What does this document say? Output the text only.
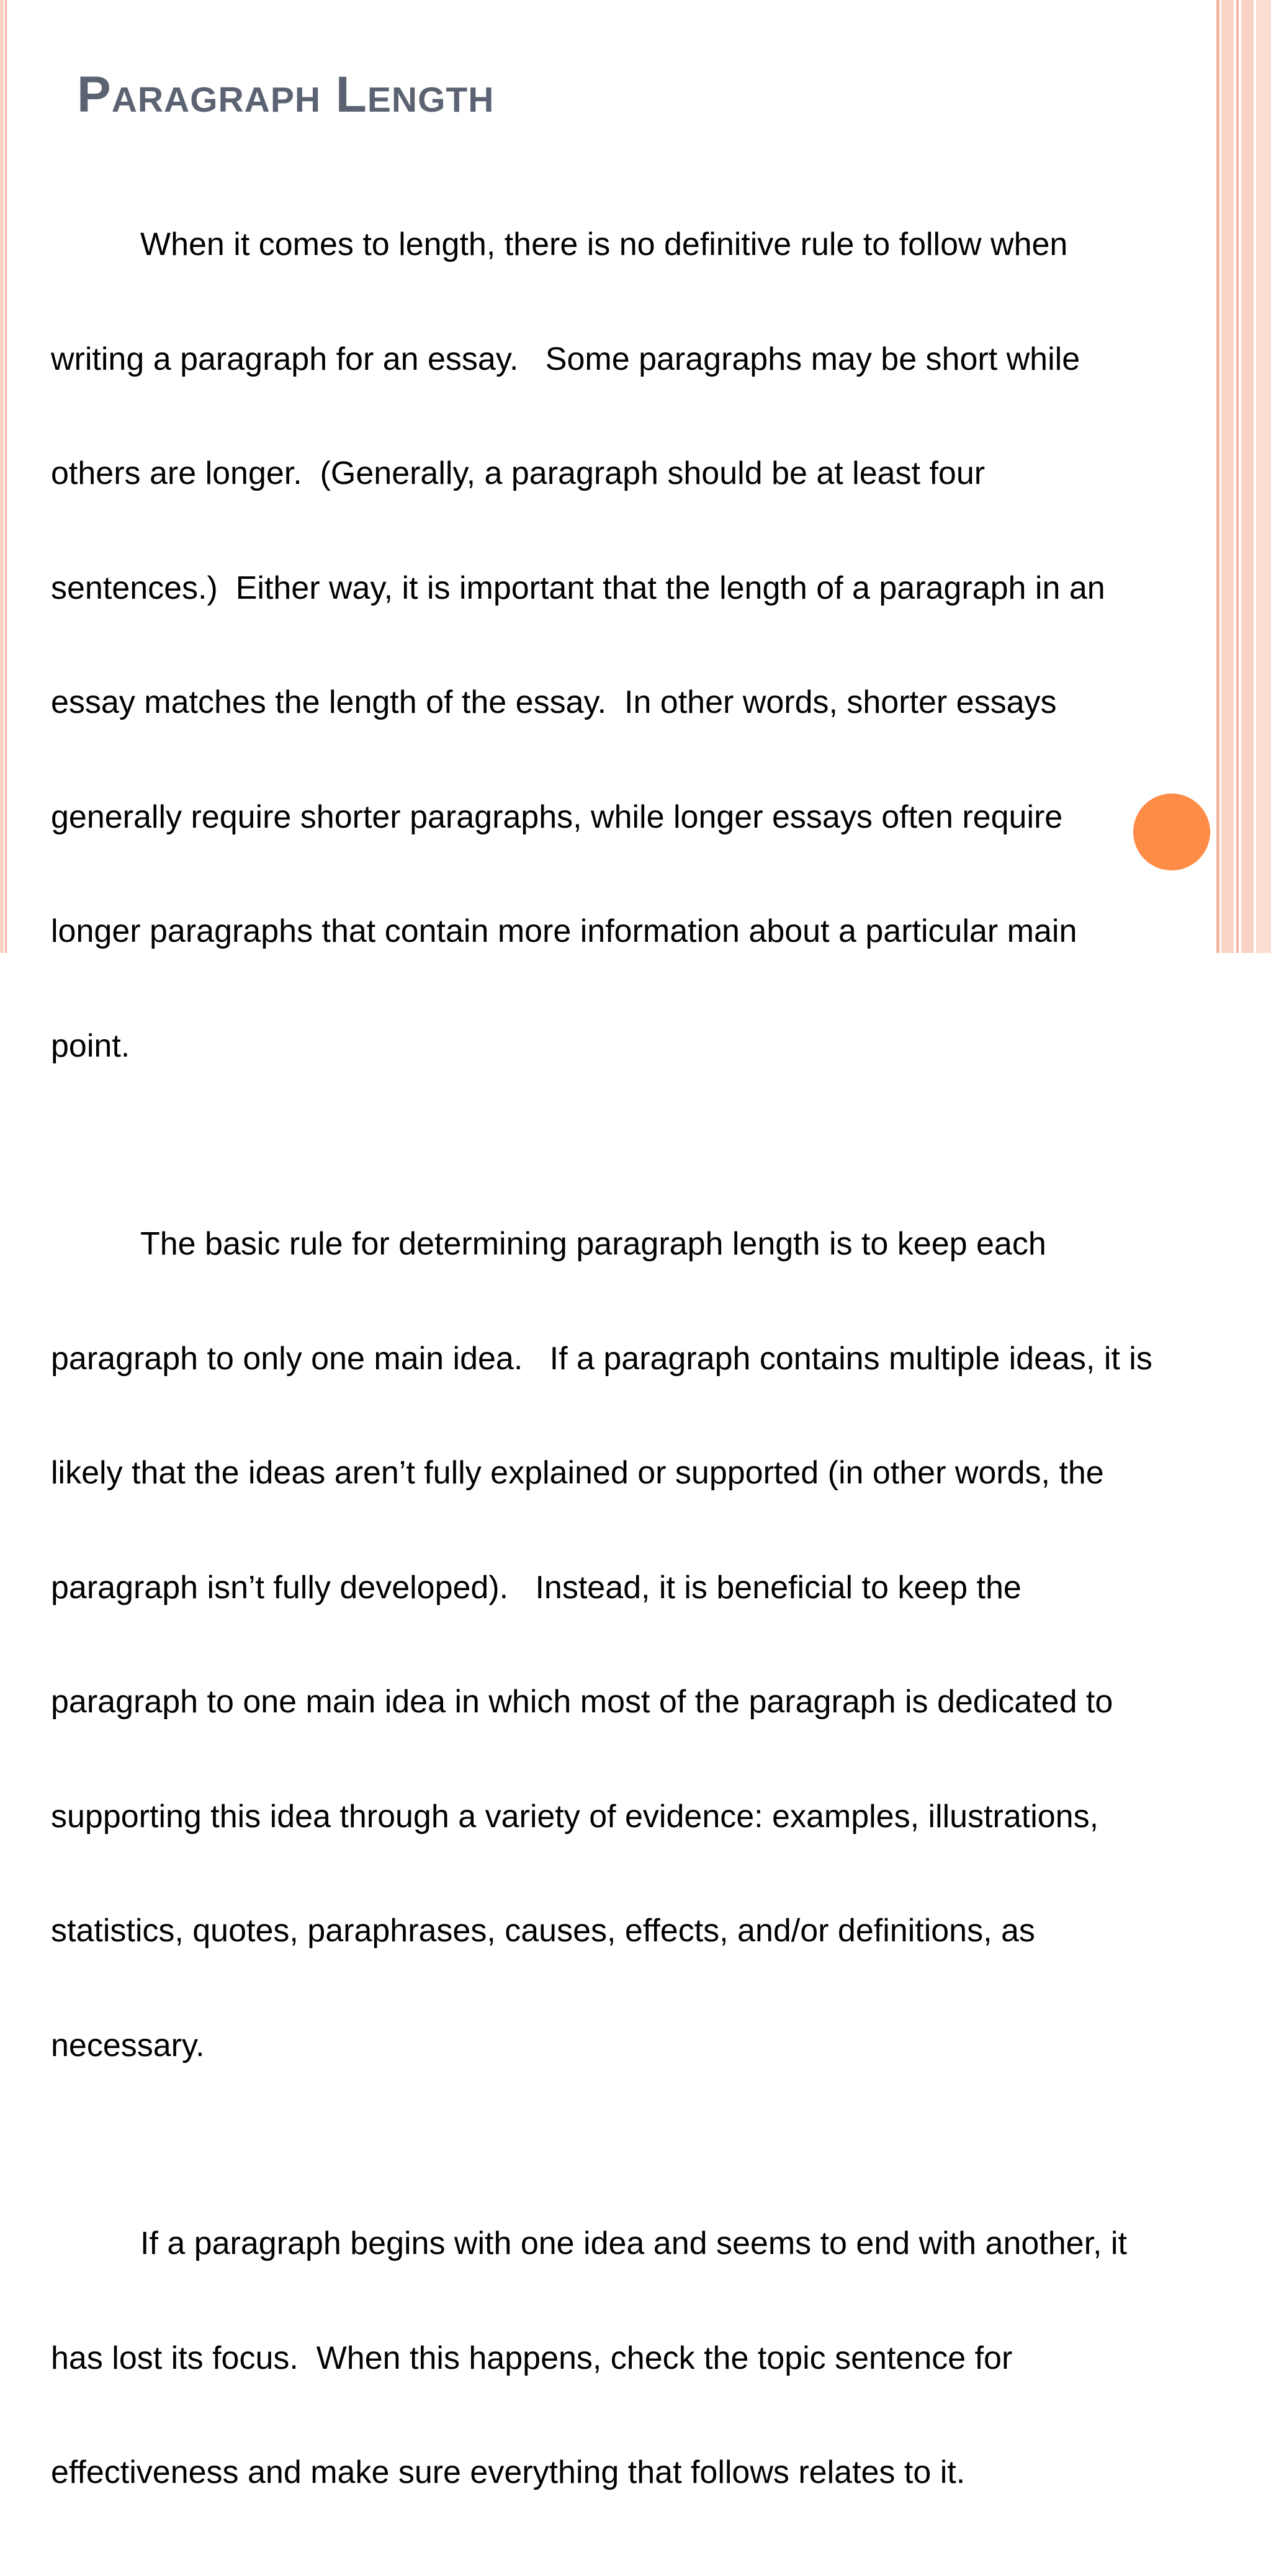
Paragraph Length

When it comes to length, there is no definitive rule to follow when

writing a paragraph for an essay.   Some paragraphs may be short while

others are longer.  (Generally, a paragraph should be at least four

sentences.)  Either way, it is important that the length of a paragraph in an

essay matches the length of the essay.  In other words, shorter essays

generally require shorter paragraphs, while longer essays often require

longer paragraphs that contain more information about a particular main

point.

The basic rule for determining paragraph length is to keep each

paragraph to only one main idea.   If a paragraph contains multiple ideas, it is

likely that the ideas aren’t fully explained or supported (in other words, the

paragraph isn’t fully developed).   Instead, it is beneficial to keep the

paragraph to one main idea in which most of the paragraph is dedicated to

supporting this idea through a variety of evidence: examples, illustrations,

statistics, quotes, paraphrases, causes, effects, and/or definitions, as

necessary.

If a paragraph begins with one idea and seems to end with another, it

has lost its focus.  When this happens, check the topic sentence for

effectiveness and make sure everything that follows relates to it.
